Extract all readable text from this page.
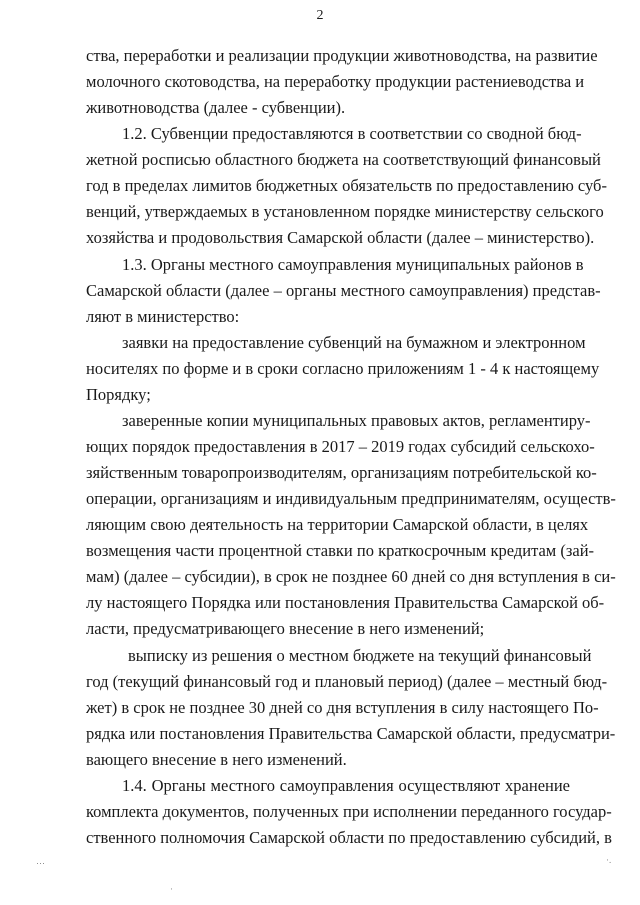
2
ства, переработки и реализации продукции животноводства, на развитие
молочного скотоводства, на переработку продукции растениеводства и
животноводства (далее - субвенции).
1.2. Субвенции предоставляются в соответствии со сводной бюд-
жетной росписью областного бюджета на соответствующий финансовый
год в пределах лимитов бюджетных обязательств по предоставлению суб-
венций, утверждаемых в установленном порядке министерству сельского
хозяйства и продовольствия Самарской области (далее – министерство).
1.3. Органы местного самоуправления муниципальных районов в
Самарской области (далее – органы местного самоуправления) представ-
ляют в министерство:
заявки на предоставление субвенций на бумажном и электронном
носителях по форме и в сроки согласно приложениям 1 - 4 к настоящему
Порядку;
заверенные копии муниципальных правовых актов, регламентиру-
ющих порядок предоставления в 2017 – 2019 годах субсидий сельскохо-
зяйственным товаропроизводителям, организациям потребительской ко-
операции, организациям и индивидуальным предпринимателям, осуществ-
ляющим свою деятельность на территории Самарской области, в целях
возмещения части процентной ставки по краткосрочным кредитам (зай-
мам) (далее – субсидии), в срок не позднее 60 дней со дня вступления в си-
лу настоящего Порядка или постановления Правительства Самарской об-
ласти, предусматривающего внесение в него изменений;
выписку из решения о местном бюджете на текущий финансовый
год (текущий финансовый год и плановый период) (далее – местный бюд-
жет) в срок не позднее 30 дней со дня вступления в силу настоящего По-
рядка или постановления Правительства Самарской области, предусматри-
вающего внесение в него изменений.
1.4. Органы местного самоуправления осуществляют хранение
комплекта документов, полученных при исполнении переданного государ-
ственного полномочия Самарской области по предоставлению субсидий, в
⋯	·.
·
